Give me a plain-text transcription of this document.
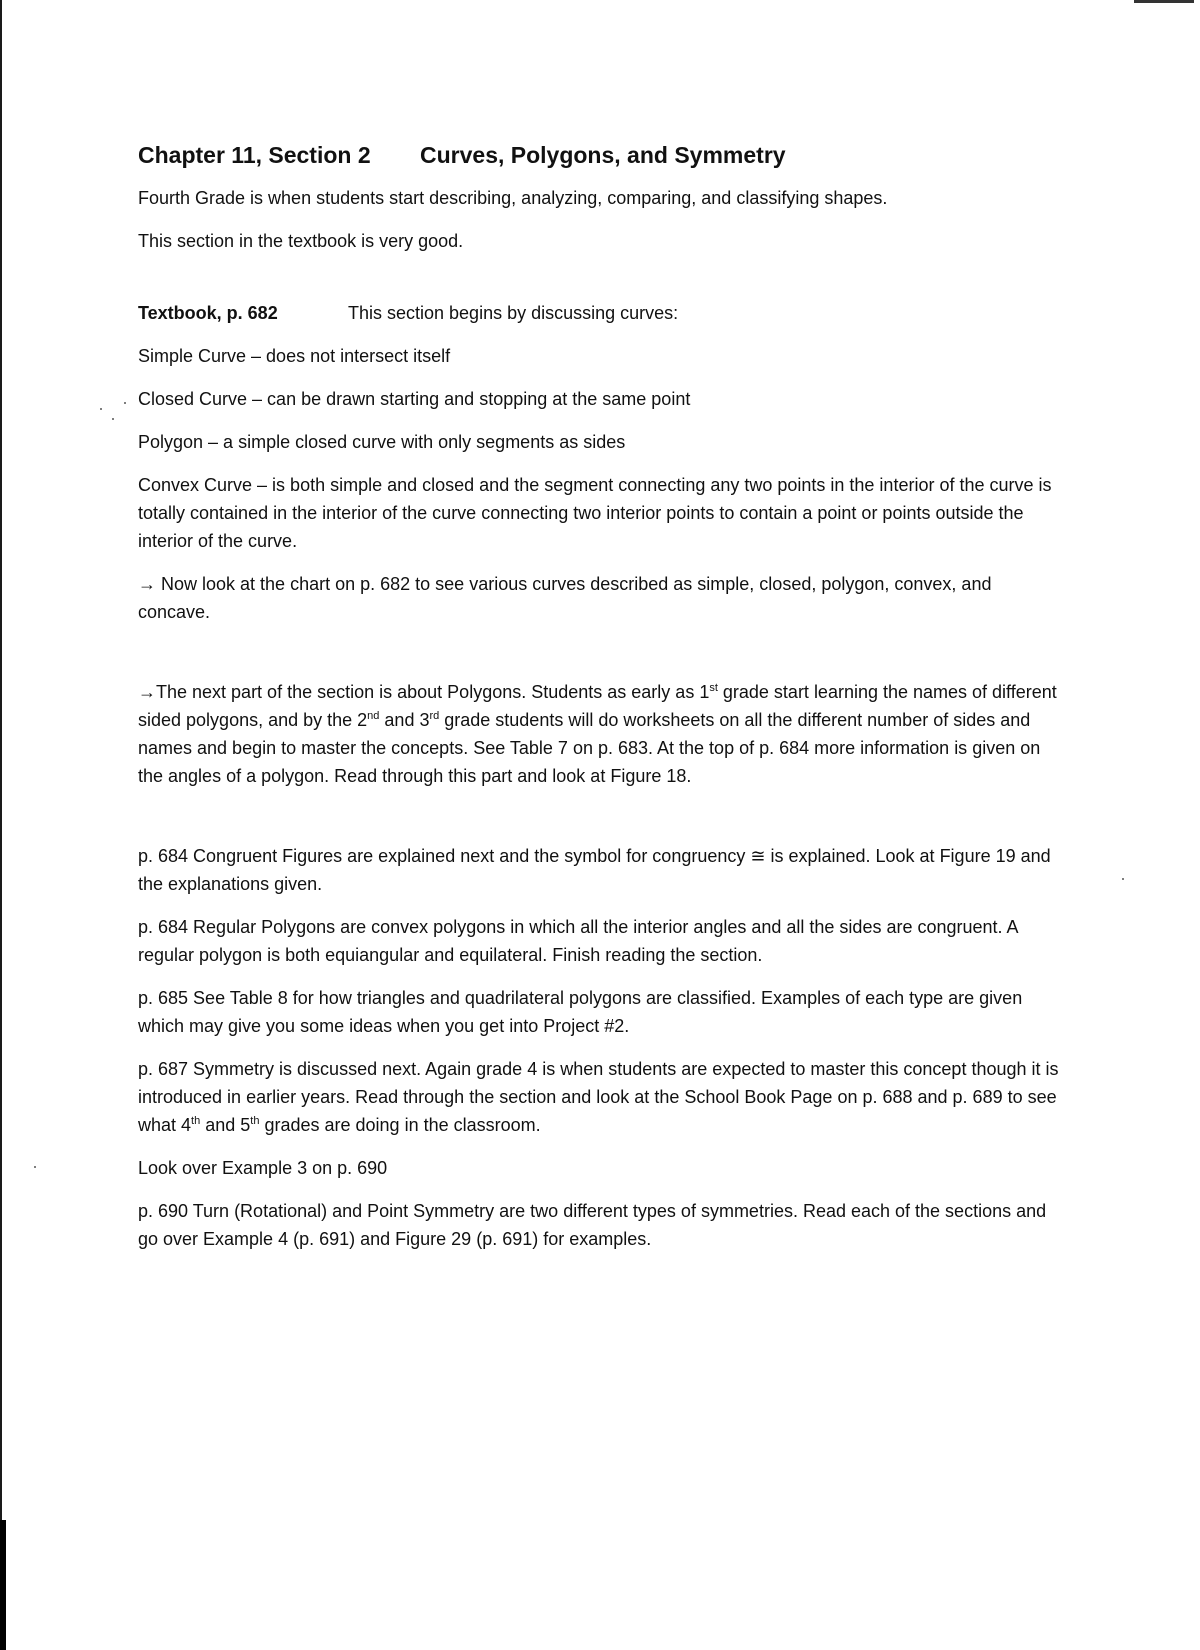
Chapter 11, Section 2 Curves, Polygons, and Symmetry

Fourth Grade is when students start describing, analyzing, comparing, and classifying shapes.

This section in the textbook is very good.

Textbook, p. 682	This section begins by discussing curves:

Simple Curve – does not intersect itself

Closed Curve – can be drawn starting and stopping at the same point

Polygon – a simple closed curve with only segments as sides

Convex Curve – is both simple and closed and the segment connecting any two points in the interior of the curve is totally contained in the interior of the curve connecting two interior points to contain a point or points outside the interior of the curve.

→ Now look at the chart on p. 682 to see various curves described as simple, closed, polygon, convex, and concave.

→The next part of the section is about Polygons. Students as early as 1st grade start learning the names of different sided polygons, and by the 2nd and 3rd grade students will do worksheets on all the different number of sides and names and begin to master the concepts. See Table 7 on p. 683. At the top of p. 684 more information is given on the angles of a polygon. Read through this part and look at Figure 18.

p. 684 Congruent Figures are explained next and the symbol for congruency ≅ is explained. Look at Figure 19 and the explanations given.

p. 684 Regular Polygons are convex polygons in which all the interior angles and all the sides are congruent. A regular polygon is both equiangular and equilateral. Finish reading the section.

p. 685 See Table 8 for how triangles and quadrilateral polygons are classified. Examples of each type are given which may give you some ideas when you get into Project #2.

p. 687 Symmetry is discussed next. Again grade 4 is when students are expected to master this concept though it is introduced in earlier years. Read through the section and look at the School Book Page on p. 688 and p. 689 to see what 4th and 5th grades are doing in the classroom.

Look over Example 3 on p. 690

p. 690 Turn (Rotational) and Point Symmetry are two different types of symmetries. Read each of the sections and go over Example 4 (p. 691) and Figure 29 (p. 691) for examples.
